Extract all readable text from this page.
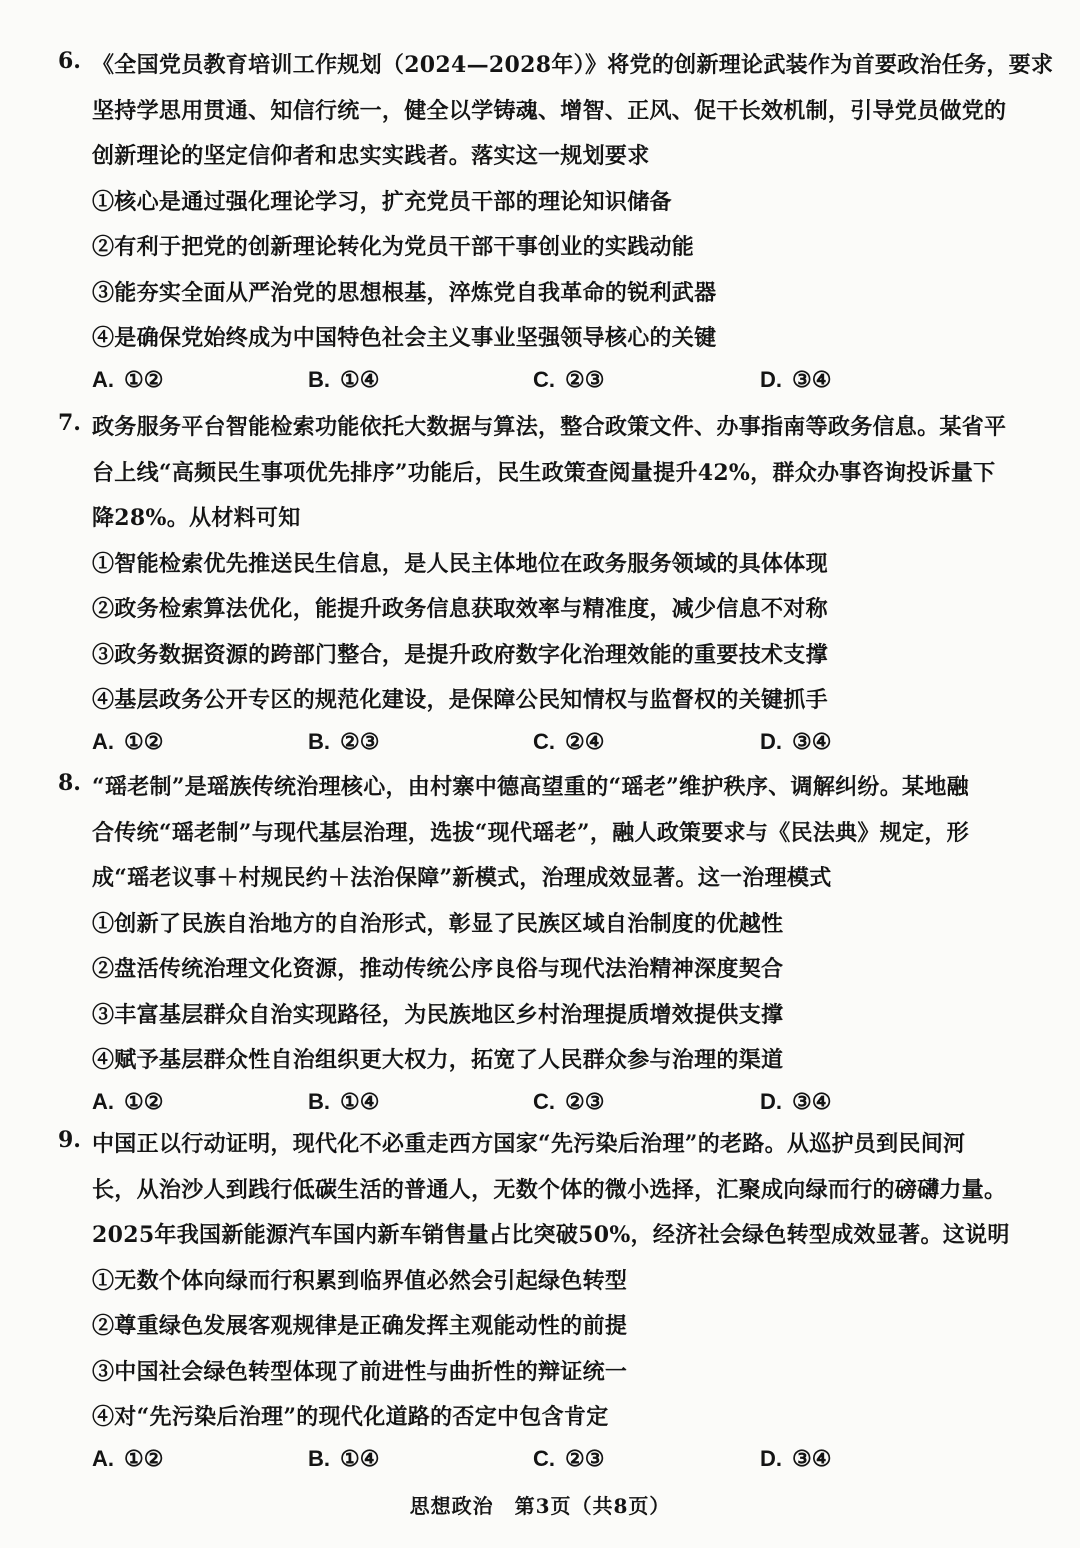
6. 《全国党员教育培训工作规划（2024—2028年）》将党的创新理论武装作为首要政治任务，要求
坚持学思用贯通、知信行统一，健全以学铸魂、增智、正风、促干长效机制，引导党员做党的
创新理论的坚定信仰者和忠实实践者。落实这一规划要求
①核心是通过强化理论学习，扩充党员干部的理论知识储备
②有利于把党的创新理论转化为党员干部干事创业的实践动能
③能夯实全面从严治党的思想根基，淬炼党自我革命的锐利武器
④是确保党始终成为中国特色社会主义事业坚强领导核心的关键
A. ①②	B. ①④	C. ②③	D. ③④
7. 政务服务平台智能检索功能依托大数据与算法，整合政策文件、办事指南等政务信息。某省平
台上线“高频民生事项优先排序”功能后，民生政策查阅量提升42%，群众办事咨询投诉量下
降28%。从材料可知
①智能检索优先推送民生信息，是人民主体地位在政务服务领域的具体体现
②政务检索算法优化，能提升政务信息获取效率与精准度，减少信息不对称
③政务数据资源的跨部门整合，是提升政府数字化治理效能的重要技术支撑
④基层政务公开专区的规范化建设，是保障公民知情权与监督权的关键抓手
A. ①②	B. ②③	C. ②④	D. ③④
8. “瑶老制”是瑶族传统治理核心，由村寨中德高望重的“瑶老”维护秩序、调解纠纷。某地融
合传统“瑶老制”与现代基层治理，选拔“现代瑶老”，融人政策要求与《民法典》规定，形
成“瑶老议事＋村规民约＋法治保障”新模式，治理成效显著。这一治理模式
①创新了民族自治地方的自治形式，彰显了民族区域自治制度的优越性
②盘活传统治理文化资源，推动传统公序良俗与现代法治精神深度契合
③丰富基层群众自治实现路径，为民族地区乡村治理提质增效提供支撑
④赋予基层群众性自治组织更大权力，拓宽了人民群众参与治理的渠道
A. ①②	B. ①④	C. ②③	D. ③④
9. 中国正以行动证明，现代化不必重走西方国家“先污染后治理”的老路。从巡护员到民间河
长，从治沙人到践行低碳生活的普通人，无数个体的微小选择，汇聚成向绿而行的磅礴力量。
2025年我国新能源汽车国内新车销售量占比突破50%，经济社会绿色转型成效显著。这说明
①无数个体向绿而行积累到临界值必然会引起绿色转型
②尊重绿色发展客观规律是正确发挥主观能动性的前提
③中国社会绿色转型体现了前进性与曲折性的辩证统一
④对“先污染后治理”的现代化道路的否定中包含肯定
A. ①②	B. ①④	C. ②③	D. ③④
思想政治　第3页（共8页）
